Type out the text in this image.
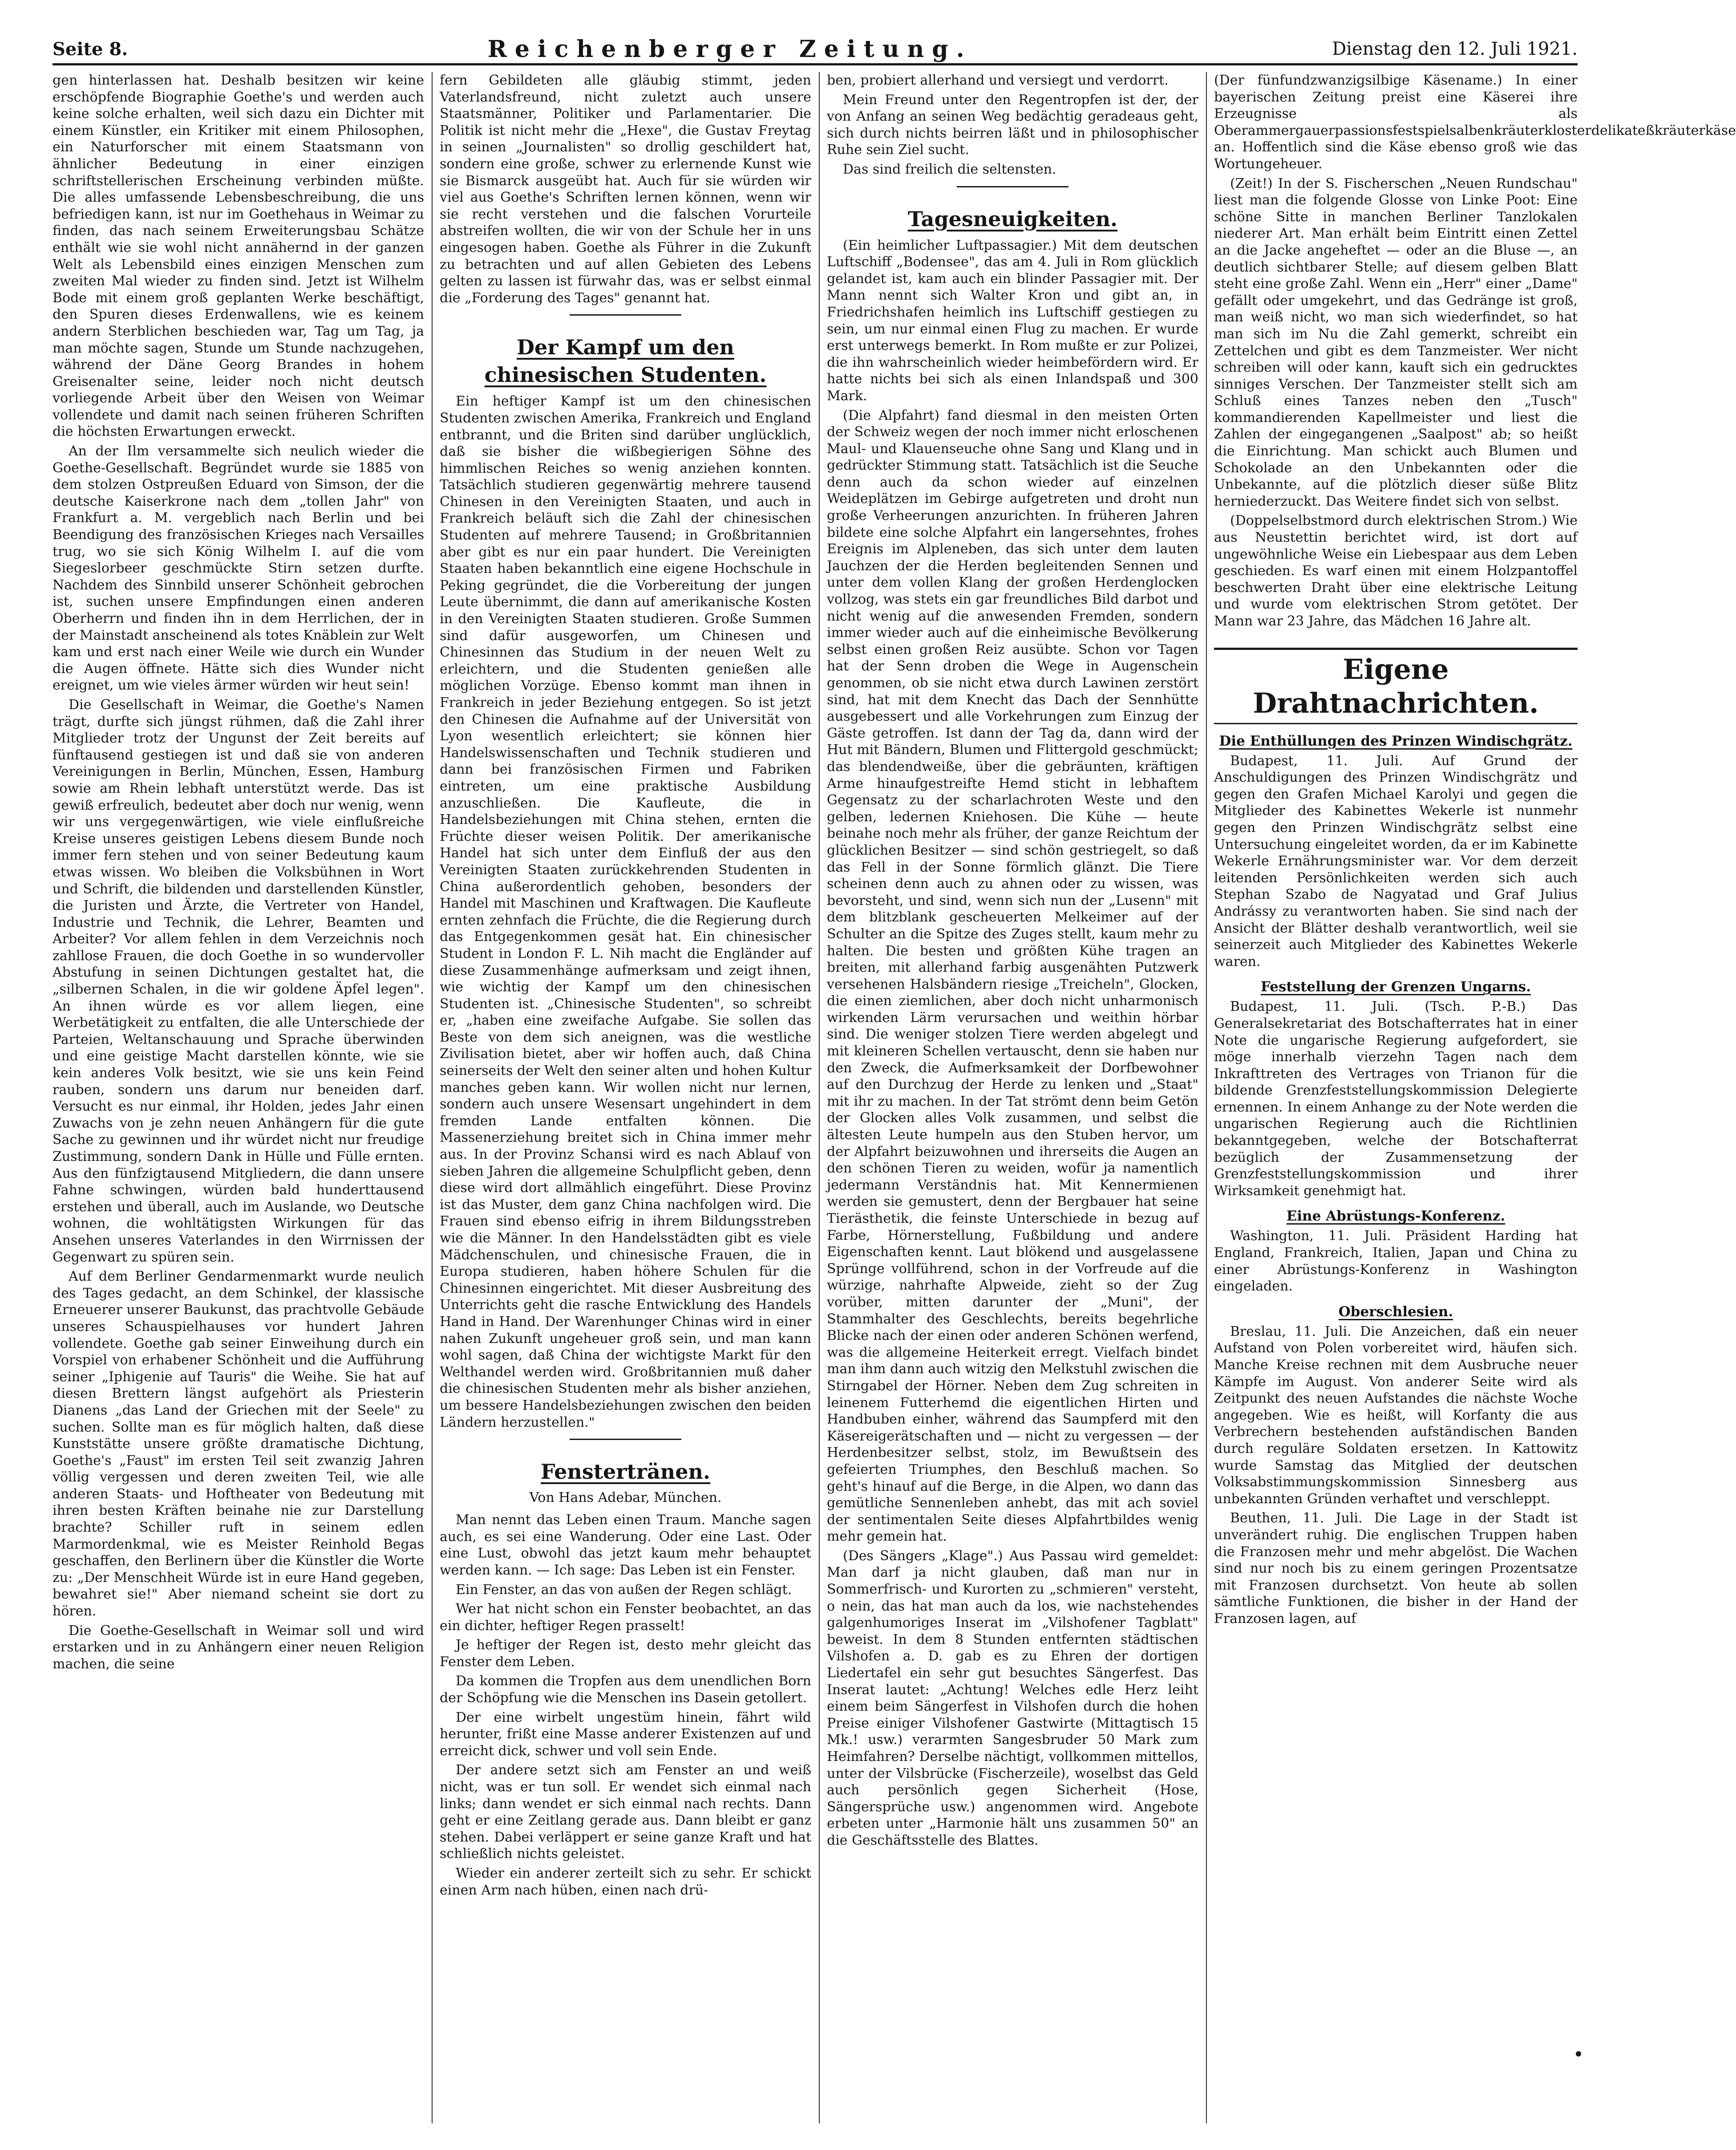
Seite 8.	Reichenberger Zeitung.	Dienstag den 12. Juli 1921.

gen hinterlassen hat. Deshalb besitzen wir keine erschöpfende Biographie Goethe's und werden auch keine solche erhalten, weil sich dazu ein Dichter mit einem Künstler, ein Kritiker mit einem Philosophen, ein Naturforscher mit einem Staatsmann von ähnlicher Bedeutung in einer einzigen schriftstellerischen Erscheinung verbinden müßte. Die alles umfassende Lebensbeschreibung, die uns befriedigen kann, ist nur im Goethehaus in Weimar zu finden, das nach seinem Erweiterungsbau Schätze enthält wie sie wohl nicht annähernd in der ganzen Welt als Lebensbild eines einzigen Menschen zum zweiten Mal wieder zu finden sind. Jetzt ist Wilhelm Bode mit einem groß geplanten Werke beschäftigt, den Spuren dieses Erdenwallens, wie es keinem andern Sterblichen beschieden war, Tag um Tag, ja man möchte sagen, Stunde um Stunde nachzugehen, während der Däne Georg Brandes in hohem Greisenalter seine, leider noch nicht deutsch vorliegende Arbeit über den Weisen von Weimar vollendete und damit nach seinen früheren Schriften die höchsten Erwartungen erweckt.

An der Ilm versammelte sich neulich wieder die Goethe-Gesellschaft. Begründet wurde sie 1885 von dem stolzen Ostpreußen Eduard von Simson, der die deutsche Kaiserkrone nach dem „tollen Jahr" von Frankfurt a. M. vergeblich nach Berlin und bei Beendigung des französischen Krieges nach Versailles trug, wo sie sich König Wilhelm I. auf die vom Siegeslorbeer geschmückte Stirn setzen durfte. Nachdem des Sinnbild unserer Schönheit gebrochen ist, suchen unsere Empfindungen einen anderen Oberherrn und finden ihn in dem Herrlichen, der in der Mainstadt anscheinend als totes Knäblein zur Welt kam und erst nach einer Weile wie durch ein Wunder die Augen öffnete. Hätte sich dies Wunder nicht ereignet, um wie vieles ärmer würden wir heut sein!

Die Gesellschaft in Weimar, die Goethe's Namen trägt, durfte sich jüngst rühmen, daß die Zahl ihrer Mitglieder trotz der Ungunst der Zeit bereits auf fünftausend gestiegen ist und daß sie von anderen Vereinigungen in Berlin, München, Essen, Hamburg sowie am Rhein lebhaft unterstützt werde. Das ist gewiß erfreulich, bedeutet aber doch nur wenig, wenn wir uns vergegenwärtigen, wie viele einflußreiche Kreise unseres geistigen Lebens diesem Bunde noch immer fern stehen und von seiner Bedeutung kaum etwas wissen. Wo bleiben die Volksbühnen in Wort und Schrift, die bildenden und darstellenden Künstler, die Juristen und Ärzte, die Vertreter von Handel, Industrie und Technik, die Lehrer, Beamten und Arbeiter? Vor allem fehlen in dem Verzeichnis noch zahllose Frauen, die doch Goethe in so wundervoller Abstufung in seinen Dichtungen gestaltet hat, die „silbernen Schalen, in die wir goldene Äpfel legen". An ihnen würde es vor allem liegen, eine Werbetätigkeit zu entfalten, die alle Unterschiede der Parteien, Weltanschauung und Sprache überwinden und eine geistige Macht darstellen könnte, wie sie kein anderes Volk besitzt, wie sie uns kein Feind rauben, sondern uns darum nur beneiden darf. Versucht es nur einmal, ihr Holden, jedes Jahr einen Zuwachs von je zehn neuen Anhängern für die gute Sache zu gewinnen und ihr würdet nicht nur freudige Zustimmung, sondern Dank in Hülle und Fülle ernten. Aus den fünfzigtausend Mitgliedern, die dann unsere Fahne schwingen, würden bald hunderttausend erstehen und überall, auch im Auslande, wo Deutsche wohnen, die wohltätigsten Wirkungen für das Ansehen unseres Vaterlandes in den Wirrnissen der Gegenwart zu spüren sein.

Auf dem Berliner Gendarmenmarkt wurde neulich des Tages gedacht, an dem Schinkel, der klassische Erneuerer unserer Baukunst, das prachtvolle Gebäude unseres Schauspielhauses vor hundert Jahren vollendete. Goethe gab seiner Einweihung durch ein Vorspiel von erhabener Schönheit und die Aufführung seiner „Iphigenie auf Tauris" die Weihe. Sie hat auf diesen Brettern längst aufgehört als Priesterin Dianens „das Land der Griechen mit der Seele" zu suchen. Sollte man es für möglich halten, daß diese Kunststätte unsere größte dramatische Dichtung, Goethe's „Faust" im ersten Teil seit zwanzig Jahren völlig vergessen und deren zweiten Teil, wie alle anderen Staats- und Hoftheater von Bedeutung mit ihren besten Kräften beinahe nie zur Darstellung brachte? Schiller ruft in seinem edlen Marmordenkmal, wie es Meister Reinhold Begas geschaffen, den Berlinern über die Künstler die Worte zu: „Der Menschheit Würde ist in eure Hand gegeben, bewahret sie!" Aber niemand scheint sie dort zu hören.

Die Goethe-Gesellschaft in Weimar soll und wird erstarken und in zu Anhängern einer neuen Religion machen, die seine

fern Gebildeten alle gläubig stimmt, jeden Vaterlandsfreund, nicht zuletzt auch unsere Staatsmänner, Politiker und Parlamentarier. Die Politik ist nicht mehr die „Hexe", die Gustav Freytag in seinen „Journalisten" so drollig geschildert hat, sondern eine große, schwer zu erlernende Kunst wie sie Bismarck ausgeübt hat. Auch für sie würden wir viel aus Goethe's Schriften lernen können, wenn wir sie recht verstehen und die falschen Vorurteile abstreifen wollten, die wir von der Schule her in uns eingesogen haben. Goethe als Führer in die Zukunft zu betrachten und auf allen Gebieten des Lebens gelten zu lassen ist fürwahr das, was er selbst einmal die „Forderung des Tages" genannt hat.

Der Kampf um den chinesischen Studenten.

Ein heftiger Kampf ist um den chinesischen Studenten zwischen Amerika, Frankreich und England entbrannt, und die Briten sind darüber unglücklich, daß sie bisher die wißbegierigen Söhne des himmlischen Reiches so wenig anziehen konnten. Tatsächlich studieren gegenwärtig mehrere tausend Chinesen in den Vereinigten Staaten, und auch in Frankreich beläuft sich die Zahl der chinesischen Studenten auf mehrere Tausend; in Großbritannien aber gibt es nur ein paar hundert. Die Vereinigten Staaten haben bekanntlich eine eigene Hochschule in Peking gegründet, die die Vorbereitung der jungen Leute übernimmt, die dann auf amerikanische Kosten in den Vereinigten Staaten studieren. Große Summen sind dafür ausgeworfen, um Chinesen und Chinesinnen das Studium in der neuen Welt zu erleichtern, und die Studenten genießen alle möglichen Vorzüge. Ebenso kommt man ihnen in Frankreich in jeder Beziehung entgegen. So ist jetzt den Chinesen die Aufnahme auf der Universität von Lyon wesentlich erleichtert; sie können hier Handelswissenschaften und Technik studieren und dann bei französischen Firmen und Fabriken eintreten, um eine praktische Ausbildung anzuschließen. Die Kaufleute, die in Handelsbeziehungen mit China stehen, ernten die Früchte dieser weisen Politik. Der amerikanische Handel hat sich unter dem Einfluß der aus den Vereinigten Staaten zurückkehrenden Studenten in China außerordentlich gehoben, besonders der Handel mit Maschinen und Kraftwagen. Die Kaufleute ernten zehnfach die Früchte, die die Regierung durch das Entgegenkommen gesät hat. Ein chinesischer Student in London F. L. Nih macht die Engländer auf diese Zusammenhänge aufmerksam und zeigt ihnen, wie wichtig der Kampf um den chinesischen Studenten ist. „Chinesische Studenten", so schreibt er, „haben eine zweifache Aufgabe. Sie sollen das Beste von dem sich aneignen, was die westliche Zivilisation bietet, aber wir hoffen auch, daß China seinerseits der Welt den seiner alten und hohen Kultur manches geben kann. Wir wollen nicht nur lernen, sondern auch unsere Wesensart ungehindert in dem fremden Lande entfalten können. Die Massenerziehung breitet sich in China immer mehr aus. In der Provinz Schansi wird es nach Ablauf von sieben Jahren die allgemeine Schulpflicht geben, denn diese wird dort allmählich eingeführt. Diese Provinz ist das Muster, dem ganz China nachfolgen wird. Die Frauen sind ebenso eifrig in ihrem Bildungsstreben wie die Männer. In den Handelsstädten gibt es viele Mädchenschulen, und chinesische Frauen, die in Europa studieren, haben höhere Schulen für die Chinesinnen eingerichtet. Mit dieser Ausbreitung des Unterrichts geht die rasche Entwicklung des Handels Hand in Hand. Der Warenhunger Chinas wird in einer nahen Zukunft ungeheuer groß sein, und man kann wohl sagen, daß China der wichtigste Markt für den Welthandel werden wird. Großbritannien muß daher die chinesischen Studenten mehr als bisher anziehen, um bessere Handelsbeziehungen zwischen den beiden Ländern herzustellen."

Fenstertränen.
Von Hans Adebar, München.

Man nennt das Leben einen Traum. Manche sagen auch, es sei eine Wanderung. Oder eine Last. Oder eine Lust, obwohl das jetzt kaum mehr behauptet werden kann. — Ich sage: Das Leben ist ein Fenster.

Ein Fenster, an das von außen der Regen schlägt.

Wer hat nicht schon ein Fenster beobachtet, an das ein dichter, heftiger Regen prasselt!

Je heftiger der Regen ist, desto mehr gleicht das Fenster dem Leben.

Da kommen die Tropfen aus dem unendlichen Born der Schöpfung wie die Menschen ins Dasein getollert.

Der eine wirbelt ungestüm hinein, fährt wild herunter, frißt eine Masse anderer Existenzen auf und erreicht dick, schwer und voll sein Ende.

Der andere setzt sich am Fenster an und weiß nicht, was er tun soll. Er wendet sich einmal nach links; dann wendet er sich einmal nach rechts. Dann geht er eine Zeitlang gerade aus. Dann bleibt er ganz stehen. Dabei verläppert er seine ganze Kraft und hat schließlich nichts geleistet.

Wieder ein anderer zerteilt sich zu sehr. Er schickt einen Arm nach hüben, einen nach drü-

ben, probiert allerhand und versiegt und verdorrt.

Mein Freund unter den Regentropfen ist der, der von Anfang an seinen Weg bedächtig geradeaus geht, sich durch nichts beirren läßt und in philosophischer Ruhe sein Ziel sucht.

Das sind freilich die seltensten.

Tagesneuigkeiten.

(Ein heimlicher Luftpassagier.) Mit dem deutschen Luftschiff „Bodensee", das am 4. Juli in Rom glücklich gelandet ist, kam auch ein blinder Passagier mit. Der Mann nennt sich Walter Kron und gibt an, in Friedrichshafen heimlich ins Luftschiff gestiegen zu sein, um nur einmal einen Flug zu machen. Er wurde erst unterwegs bemerkt. In Rom mußte er zur Polizei, die ihn wahrscheinlich wieder heimbefördern wird. Er hatte nichts bei sich als einen Inlandspaß und 300 Mark.

(Die Alpfahrt) fand diesmal in den meisten Orten der Schweiz wegen der noch immer nicht erloschenen Maul- und Klauenseuche ohne Sang und Klang und in gedrückter Stimmung statt. Tatsächlich ist die Seuche denn auch da schon wieder auf einzelnen Weideplätzen im Gebirge aufgetreten und droht nun große Verheerungen anzurichten. In früheren Jahren bildete eine solche Alpfahrt ein langersehntes, frohes Ereignis im Alpleneben, das sich unter dem lauten Jauchzen der die Herden begleitenden Sennen und unter dem vollen Klang der großen Herdenglocken vollzog, was stets ein gar freundliches Bild darbot und nicht wenig auf die anwesenden Fremden, sondern immer wieder auch auf die einheimische Bevölkerung selbst einen großen Reiz ausübte. Schon vor Tagen hat der Senn droben die Wege in Augenschein genommen, ob sie nicht etwa durch Lawinen zerstört sind, hat mit dem Knecht das Dach der Sennhütte ausgebessert und alle Vorkehrungen zum Einzug der Gäste getroffen. Ist dann der Tag da, dann wird der Hut mit Bändern, Blumen und Flittergold geschmückt; das blendendweiße, über die gebräunten, kräftigen Arme hinaufgestreifte Hemd sticht in lebhaftem Gegensatz zu der scharlachroten Weste und den gelben, ledernen Kniehosen. Die Kühe — heute beinahe noch mehr als früher, der ganze Reichtum der glücklichen Besitzer — sind schön gestriegelt, so daß das Fell in der Sonne förmlich glänzt. Die Tiere scheinen denn auch zu ahnen oder zu wissen, was bevorsteht, und sind, wenn sich nun der „Lusenn" mit dem blitzblank gescheuerten Melkeimer auf der Schulter an die Spitze des Zuges stellt, kaum mehr zu halten. Die besten und größten Kühe tragen an breiten, mit allerhand farbig ausgenähten Putzwerk versehenen Halsbändern riesige „Treicheln", Glocken, die einen ziemlichen, aber doch nicht unharmonisch wirkenden Lärm verursachen und weithin hörbar sind. Die weniger stolzen Tiere werden abgelegt und mit kleineren Schellen vertauscht, denn sie haben nur den Zweck, die Aufmerksamkeit der Dorfbewohner auf den Durchzug der Herde zu lenken und „Staat" mit ihr zu machen. In der Tat strömt denn beim Getön der Glocken alles Volk zusammen, und selbst die ältesten Leute humpeln aus den Stuben hervor, um der Alpfahrt beizuwohnen und ihrerseits die Augen an den schönen Tieren zu weiden, wofür ja namentlich jedermann Verständnis hat. Mit Kennermienen werden sie gemustert, denn der Bergbauer hat seine Tierästhetik, die feinste Unterschiede in bezug auf Farbe, Hörnerstellung, Fußbildung und andere Eigenschaften kennt. Laut blökend und ausgelassene Sprünge vollführend, schon in der Vorfreude auf die würzige, nahrhafte Alpweide, zieht so der Zug vorüber, mitten darunter der „Muni", der Stammhalter des Geschlechts, bereits begehrliche Blicke nach der einen oder anderen Schönen werfend, was die allgemeine Heiterkeit erregt. Vielfach bindet man ihm dann auch witzig den Melkstuhl zwischen die Stirngabel der Hörner. Neben dem Zug schreiten in leinenem Futterhemd die eigentlichen Hirten und Handbuben einher, während das Saumpferd mit den Käsereigerätschaften und — nicht zu vergessen — der Herdenbesitzer selbst, stolz, im Bewußtsein des gefeierten Triumphes, den Beschluß machen. So geht's hinauf auf die Berge, in die Alpen, wo dann das gemütliche Sennenleben anhebt, das mit ach soviel der sentimentalen Seite dieses Alpfahrtbildes wenig mehr gemein hat.

(Des Sängers „Klage".) Aus Passau wird gemeldet: Man darf ja nicht glauben, daß man nur in Sommerfrisch- und Kurorten zu „schmieren" versteht, o nein, das hat man auch da los, wie nachstehendes galgenhumoriges Inserat im „Vilshofener Tagblatt" beweist. In dem 8 Stunden entfernten städtischen Vilshofen a. D. gab es zu Ehren der dortigen Liedertafel ein sehr gut besuchtes Sängerfest. Das Inserat lautet: „Achtung! Welches edle Herz leiht einem beim Sängerfest in Vilshofen durch die hohen Preise einiger Vilshofener Gastwirte (Mittagtisch 15 Mk.! usw.) verarmten Sangesbruder 50 Mark zum Heimfahren? Derselbe nächtigt, vollkommen mittellos, unter der Vilsbrücke (Fischerzeile), woselbst das Geld auch persönlich gegen Sicherheit (Hose, Sängersprüche usw.) angenommen wird. Angebote erbeten unter „Harmonie hält uns zusammen 50" an die Geschäftsstelle des Blattes.

(Der fünfundzwanzigsilbige Käsename.) In einer bayerischen Zeitung preist eine Käserei ihre Erzeugnisse als Oberammergauerpassionsfestspielsalbenkräuterklosterdelikateßkräuterkäse an. Hoffentlich sind die Käse ebenso groß wie das Wortungeheuer.

(Zeit!) In der S. Fischerschen „Neuen Rundschau" liest man die folgende Glosse von Linke Poot: Eine schöne Sitte in manchen Berliner Tanzlokalen niederer Art. Man erhält beim Eintritt einen Zettel an die Jacke angeheftet — oder an die Bluse —, an deutlich sichtbarer Stelle; auf diesem gelben Blatt steht eine große Zahl. Wenn ein „Herr" einer „Dame" gefällt oder umgekehrt, und das Gedränge ist groß, man weiß nicht, wo man sich wiederfindet, so hat man sich im Nu die Zahl gemerkt, schreibt ein Zettelchen und gibt es dem Tanzmeister. Wer nicht schreiben will oder kann, kauft sich ein gedrucktes sinniges Verschen. Der Tanzmeister stellt sich am Schluß eines Tanzes neben den „Tusch" kommandierenden Kapellmeister und liest die Zahlen der eingegangenen „Saalpost" ab; so heißt die Einrichtung. Man schickt auch Blumen und Schokolade an den Unbekannten oder die Unbekannte, auf die plötzlich dieser süße Blitz herniederzuckt. Das Weitere findet sich von selbst.

(Doppelselbstmord durch elektrischen Strom.) Wie aus Neustettin berichtet wird, ist dort auf ungewöhnliche Weise ein Liebespaar aus dem Leben geschieden. Es warf einen mit einem Holzpantoffel beschwerten Draht über eine elektrische Leitung und wurde vom elektrischen Strom getötet. Der Mann war 23 Jahre, das Mädchen 16 Jahre alt.

Eigene Drahtnachrichten.
Die Enthüllungen des Prinzen Windischgrätz.

Budapest, 11. Juli. Auf Grund der Anschuldigungen des Prinzen Windischgrätz und gegen den Grafen Michael Karolyi und gegen die Mitglieder des Kabinettes Wekerle ist nunmehr gegen den Prinzen Windischgrätz selbst eine Untersuchung eingeleitet worden, da er im Kabinette Wekerle Ernährungsminister war. Vor dem derzeit leitenden Persönlichkeiten werden sich auch Stephan Szabo de Nagyatad und Graf Julius Andrássy zu verantworten haben. Sie sind nach der Ansicht der Blätter deshalb verantwortlich, weil sie seinerzeit auch Mitglieder des Kabinettes Wekerle waren.

Feststellung der Grenzen Ungarns.

Budapest, 11. Juli. (Tsch. P.-B.) Das Generalsekretariat des Botschafterrates hat in einer Note die ungarische Regierung aufgefordert, sie möge innerhalb vierzehn Tagen nach dem Inkrafttreten des Vertrages von Trianon für die bildende Grenzfeststellungskommission Delegierte ernennen. In einem Anhange zu der Note werden die ungarischen Regierung auch die Richtlinien bekanntgegeben, welche der Botschafterrat bezüglich der Zusammensetzung der Grenzfeststellungskommission und ihrer Wirksamkeit genehmigt hat.

Eine Abrüstungs-Konferenz.

Washington, 11. Juli. Präsident Harding hat England, Frankreich, Italien, Japan und China zu einer Abrüstungs-Konferenz in Washington eingeladen.

Oberschlesien.

Breslau, 11. Juli. Die Anzeichen, daß ein neuer Aufstand von Polen vorbereitet wird, häufen sich. Manche Kreise rechnen mit dem Ausbruche neuer Kämpfe im August. Von anderer Seite wird als Zeitpunkt des neuen Aufstandes die nächste Woche angegeben. Wie es heißt, will Korfanty die aus Verbrechern bestehenden aufständischen Banden durch reguläre Soldaten ersetzen. In Kattowitz wurde Samstag das Mitglied der deutschen Volksabstimmungskommission Sinnesberg aus unbekannten Gründen verhaftet und verschleppt.

Beuthen, 11. Juli. Die Lage in der Stadt ist unverändert ruhig. Die englischen Truppen haben die Franzosen mehr und mehr abgelöst. Die Wachen sind nur noch bis zu einem geringen Prozentsatze mit Franzosen durchsetzt. Von heute ab sollen sämtliche Funktionen, die bisher in der Hand der Franzosen lagen, auf
